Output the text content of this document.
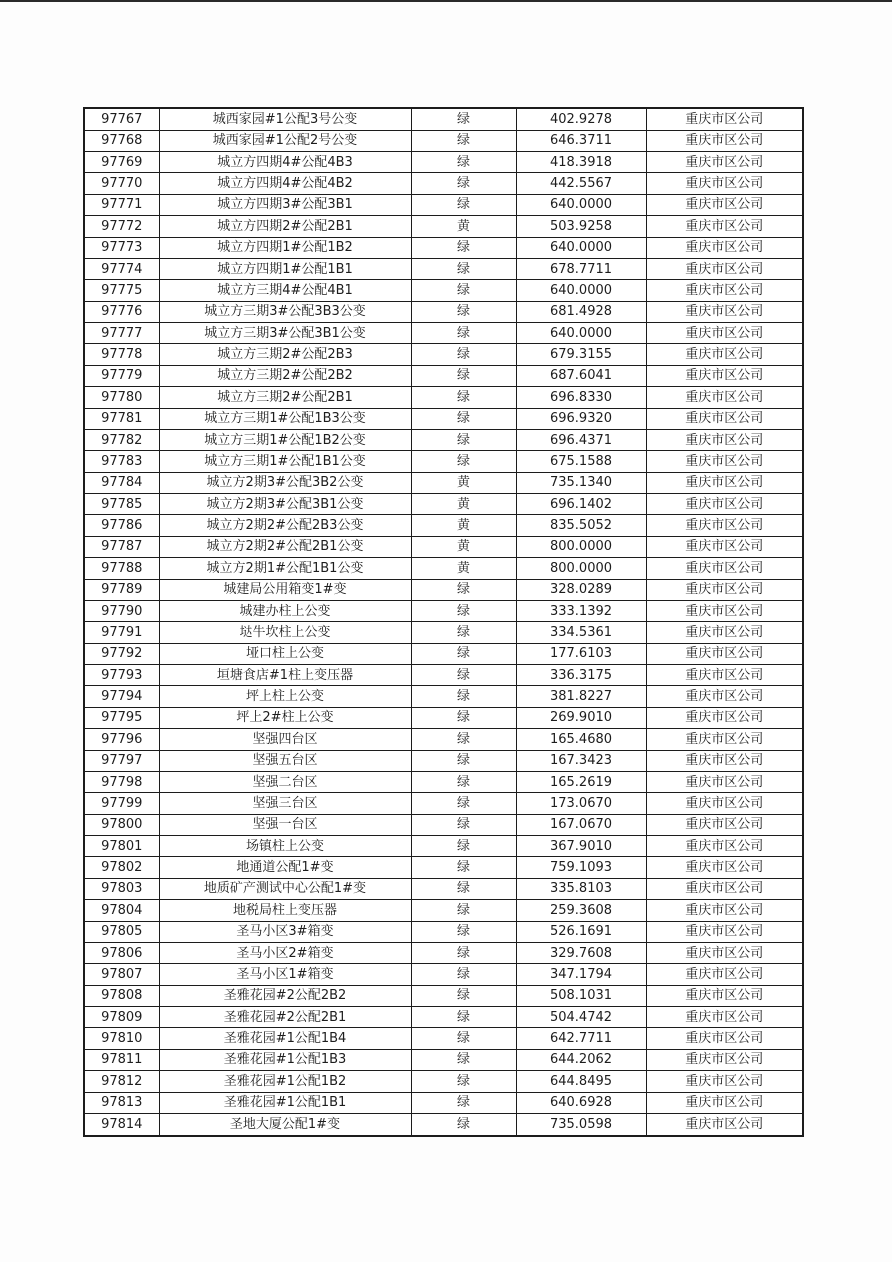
97767	城西家园#1公配3号公变	绿	402.9278	重庆市区公司
97768	城西家园#1公配2号公变	绿	646.3711	重庆市区公司
97769	城立方四期4#公配4B3	绿	418.3918	重庆市区公司
97770	城立方四期4#公配4B2	绿	442.5567	重庆市区公司
97771	城立方四期3#公配3B1	绿	640.0000	重庆市区公司
97772	城立方四期2#公配2B1	黄	503.9258	重庆市区公司
97773	城立方四期1#公配1B2	绿	640.0000	重庆市区公司
97774	城立方四期1#公配1B1	绿	678.7711	重庆市区公司
97775	城立方三期4#公配4B1	绿	640.0000	重庆市区公司
97776	城立方三期3#公配3B3公变	绿	681.4928	重庆市区公司
97777	城立方三期3#公配3B1公变	绿	640.0000	重庆市区公司
97778	城立方三期2#公配2B3	绿	679.3155	重庆市区公司
97779	城立方三期2#公配2B2	绿	687.6041	重庆市区公司
97780	城立方三期2#公配2B1	绿	696.8330	重庆市区公司
97781	城立方三期1#公配1B3公变	绿	696.9320	重庆市区公司
97782	城立方三期1#公配1B2公变	绿	696.4371	重庆市区公司
97783	城立方三期1#公配1B1公变	绿	675.1588	重庆市区公司
97784	城立方2期3#公配3B2公变	黄	735.1340	重庆市区公司
97785	城立方2期3#公配3B1公变	黄	696.1402	重庆市区公司
97786	城立方2期2#公配2B3公变	黄	835.5052	重庆市区公司
97787	城立方2期2#公配2B1公变	黄	800.0000	重庆市区公司
97788	城立方2期1#公配1B1公变	黄	800.0000	重庆市区公司
97789	城建局公用箱变1#变	绿	328.0289	重庆市区公司
97790	城建办柱上公变	绿	333.1392	重庆市区公司
97791	垯牛坎柱上公变	绿	334.5361	重庆市区公司
97792	垭口柱上公变	绿	177.6103	重庆市区公司
97793	垣塘食店#1柱上变压器	绿	336.3175	重庆市区公司
97794	坪上柱上公变	绿	381.8227	重庆市区公司
97795	坪上2#柱上公变	绿	269.9010	重庆市区公司
97796	坚强四台区	绿	165.4680	重庆市区公司
97797	坚强五台区	绿	167.3423	重庆市区公司
97798	坚强二台区	绿	165.2619	重庆市区公司
97799	坚强三台区	绿	173.0670	重庆市区公司
97800	坚强一台区	绿	167.0670	重庆市区公司
97801	场镇柱上公变	绿	367.9010	重庆市区公司
97802	地通道公配1#变	绿	759.1093	重庆市区公司
97803	地质矿产测试中心公配1#变	绿	335.8103	重庆市区公司
97804	地税局柱上变压器	绿	259.3608	重庆市区公司
97805	圣马小区3#箱变	绿	526.1691	重庆市区公司
97806	圣马小区2#箱变	绿	329.7608	重庆市区公司
97807	圣马小区1#箱变	绿	347.1794	重庆市区公司
97808	圣雅花园#2公配2B2	绿	508.1031	重庆市区公司
97809	圣雅花园#2公配2B1	绿	504.4742	重庆市区公司
97810	圣雅花园#1公配1B4	绿	642.7711	重庆市区公司
97811	圣雅花园#1公配1B3	绿	644.2062	重庆市区公司
97812	圣雅花园#1公配1B2	绿	644.8495	重庆市区公司
97813	圣雅花园#1公配1B1	绿	640.6928	重庆市区公司
97814	圣地大厦公配1#变	绿	735.0598	重庆市区公司
